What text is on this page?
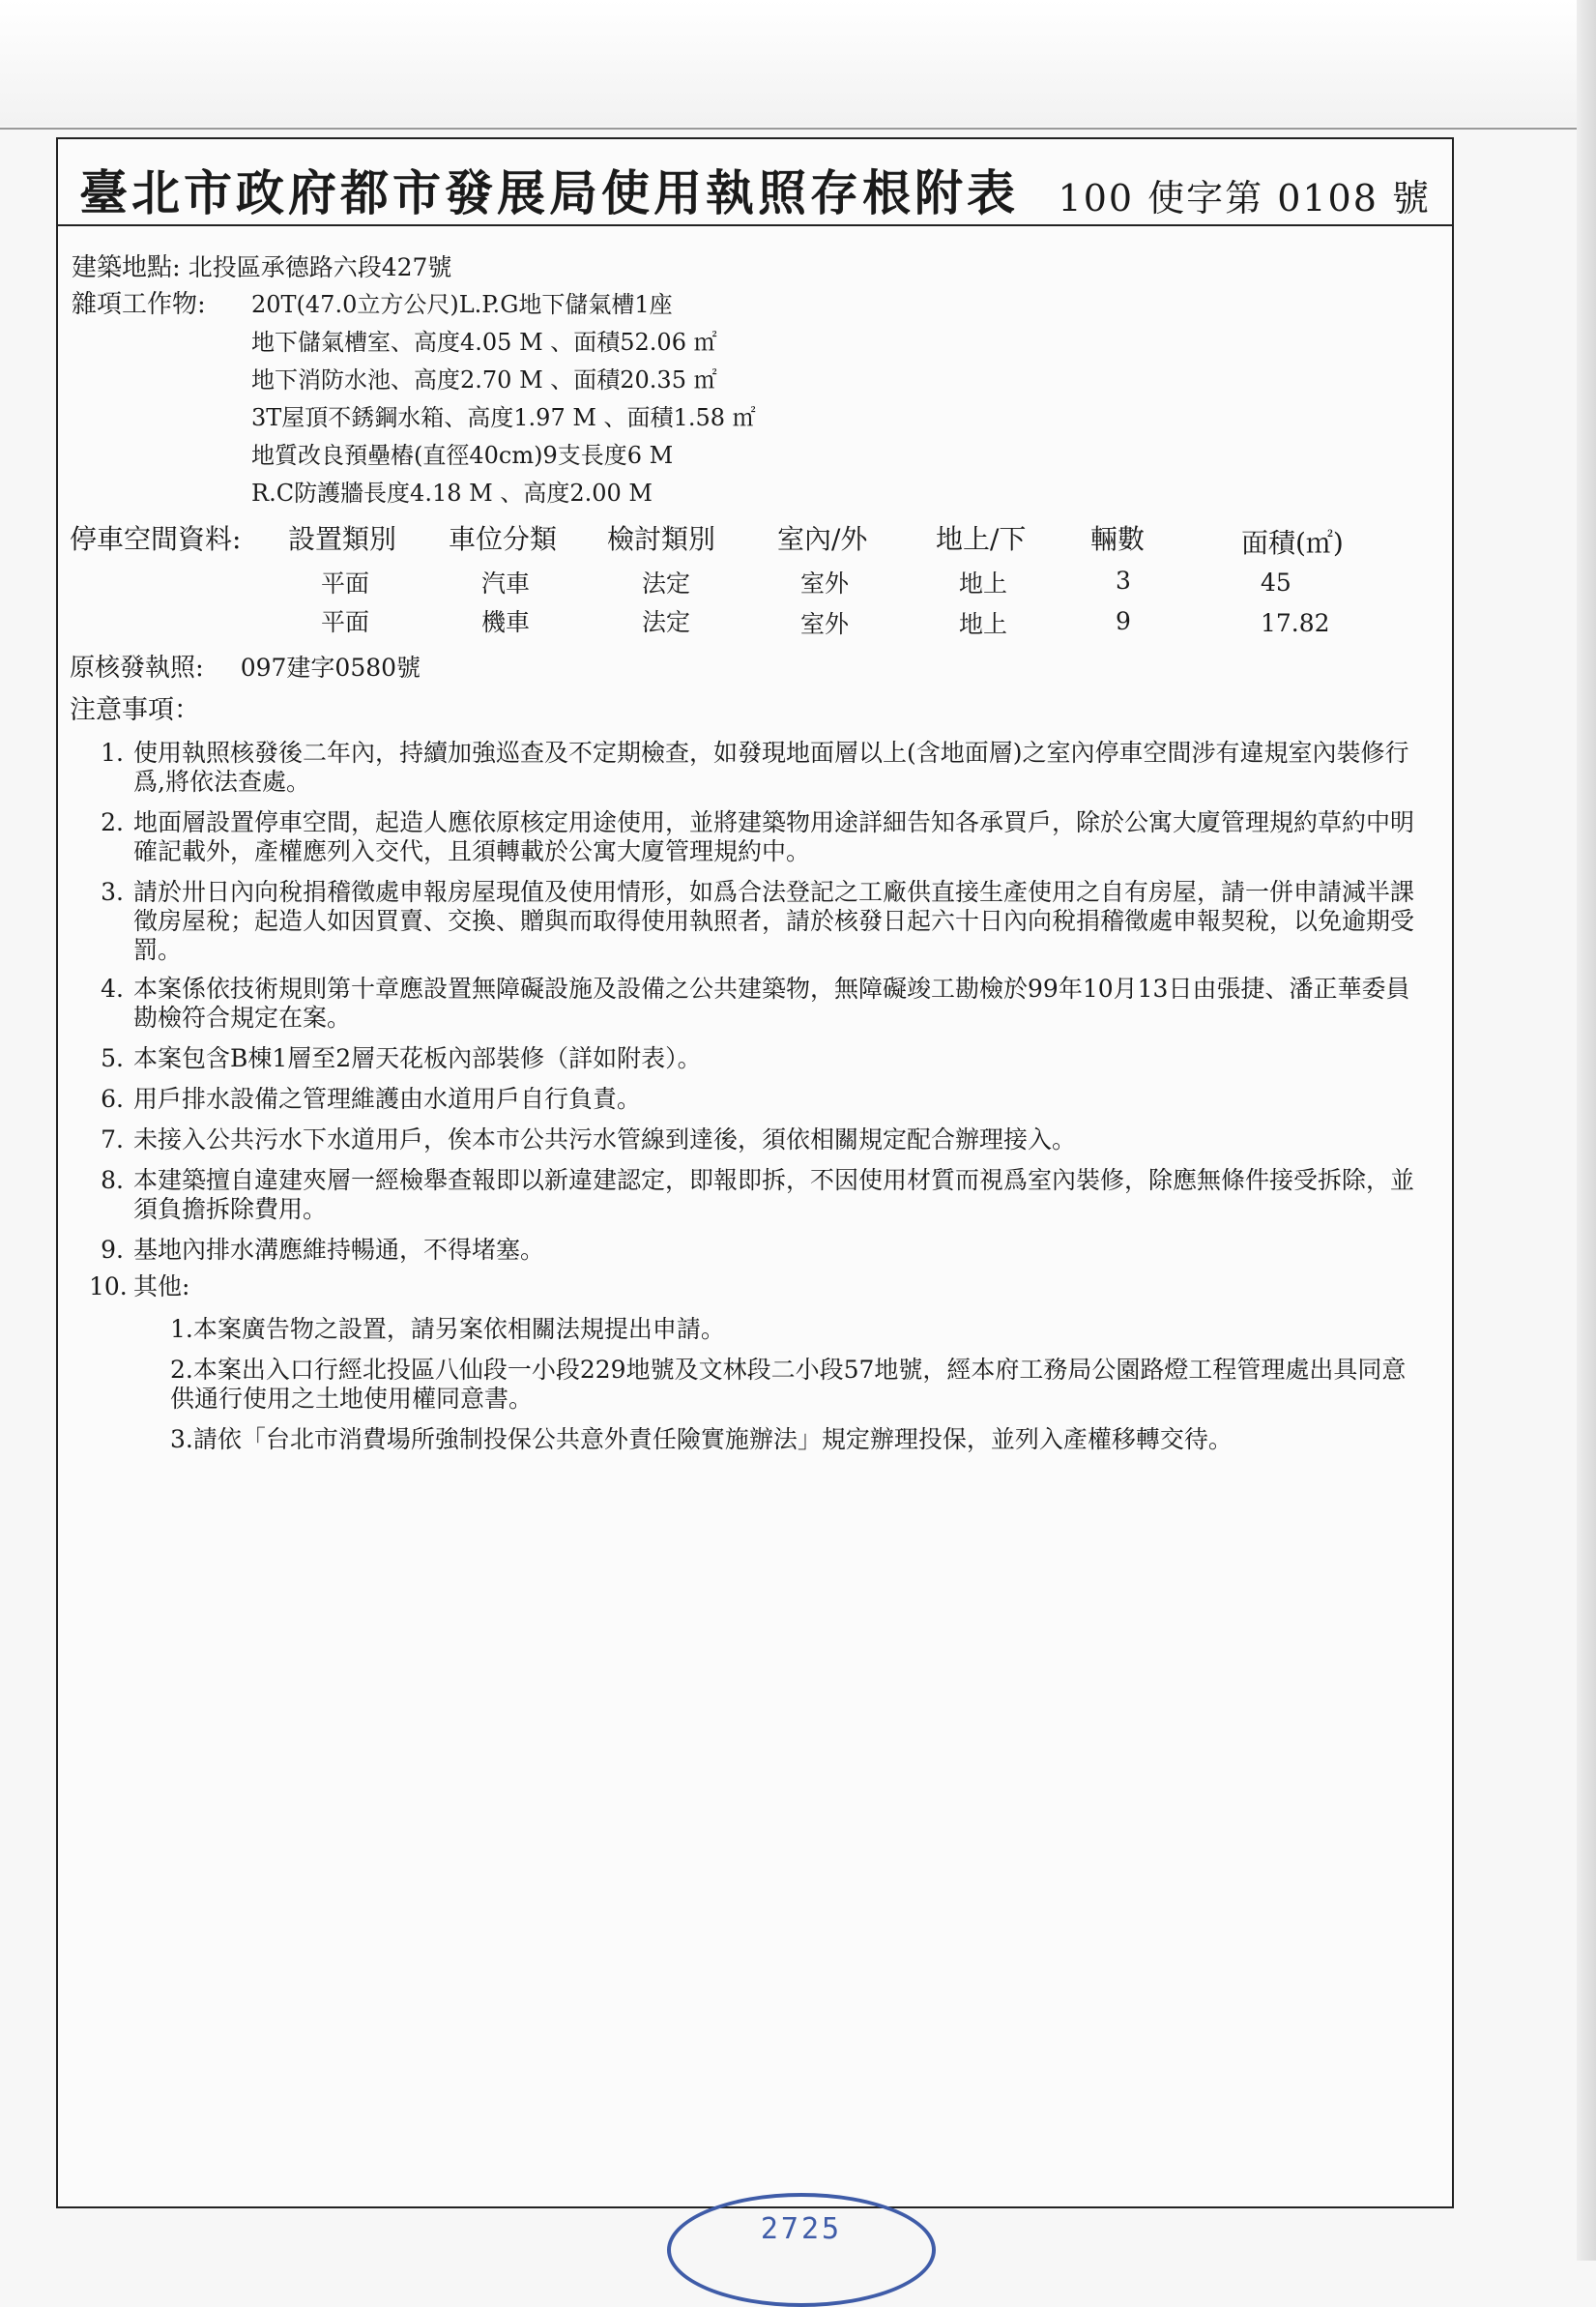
臺北市政府都市發展局使用執照存根附表 100 使字第 0108 號
建築地點: 北投區承德路六段427號
雜項工作物: 20T(47.0立方公尺)L.P.G地下儲氣槽1座
地下儲氣槽室、高度4.05 M 、面積52.06 ㎡
地下消防水池、高度2.70 M 、面積20.35 ㎡
3T屋頂不銹鋼水箱、高度1.97 M 、面積1.58 ㎡
地質改良預壘樁(直徑40cm)9支長度6 M
R.C防護牆長度4.18 M 、高度2.00 M
停車空間資料: 設置類別 車位分類 檢討類別 室內/外	地上/下 輛數	面積(㎡)
平面	汽車	法定	室外	地上	3	45
平面	機車	法定	室外	地上	9	17.82
原核發執照: 097建字0580號
注意事項：
1. 使用執照核發後二年內，持續加強巡查及不定期檢查，如發現地面層以上(含地面層)之室內停車空間涉有違規室內裝修行爲,將依法查處。
2. 地面層設置停車空間，起造人應依原核定用途使用，並將建築物用途詳細告知各承買戶，除於公寓大廈管理規約草約中明確記載外，產權應列入交代，且須轉載於公寓大廈管理規約中。
3. 請於卅日內向稅捐稽徵處申報房屋現值及使用情形，如爲合法登記之工廠供直接生產使用之自有房屋，請一併申請減半課徵房屋稅；起造人如因買賣、交換、贈與而取得使用執照者，請於核發日起六十日內向稅捐稽徵處申報契稅，以免逾期受罰。
4. 本案係依技術規則第十章應設置無障礙設施及設備之公共建築物，無障礙竣工勘檢於99年10月13日由張捷、潘正華委員勘檢符合規定在案。
5. 本案包含B棟1層至2層天花板內部裝修（詳如附表）。
6. 用戶排水設備之管理維護由水道用戶自行負責。
7. 未接入公共污水下水道用戶，俟本市公共污水管線到達後，須依相關規定配合辦理接入。
8. 本建築擅自違建夾層一經檢舉查報即以新違建認定，即報即拆，不因使用材質而視爲室內裝修，除應無條件接受拆除，並須負擔拆除費用。
9. 基地內排水溝應維持暢通，不得堵塞。
10. 其他:
1.本案廣告物之設置，請另案依相關法規提出申請。
2.本案出入口行經北投區八仙段一小段229地號及文林段二小段57地號，經本府工務局公園路燈工程管理處出具同意供通行使用之土地使用權同意書。
3.請依「台北市消費場所強制投保公共意外責任險實施辦法」規定辦理投保，並列入產權移轉交待。
2725
